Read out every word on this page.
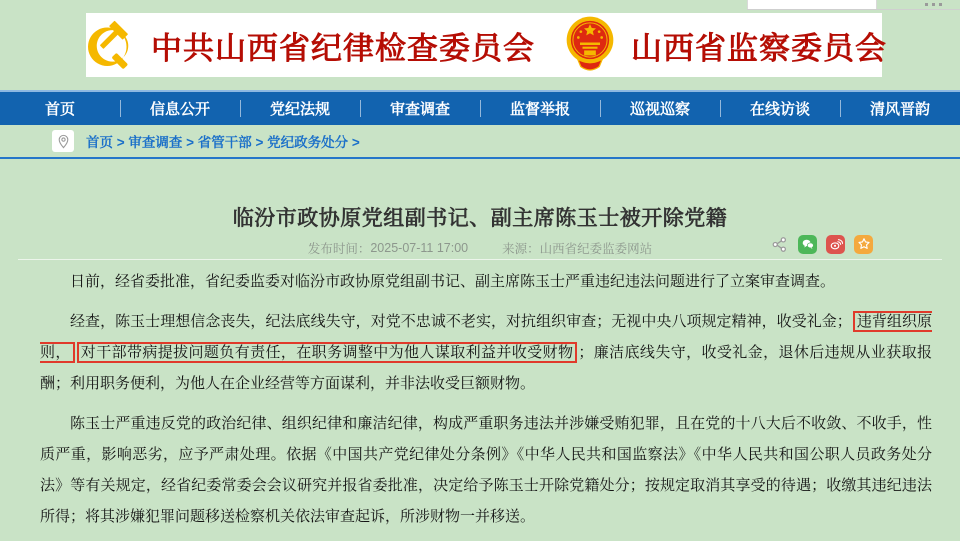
中共山西省纪律检查委员会	山西省监察委员会
首页	信息公开	党纪法规	审查调查	监督举报	巡视巡察	在线访谈	清风晋韵
首页 > 审查调查 > 省管干部 > 党纪政务处分 >
临汾市政协原党组副书记、副主席陈玉士被开除党籍
发布时间： 2025-07-11 17:00	来源： 山西省纪委监委网站

日前，经省委批准，省纪委监委对临汾市政协原党组副书记、副主席陈玉士严重违纪违法问题进行了立案审查调查。

经查，陈玉士理想信念丧失，纪法底线失守，对党不忠诚不老实，对抗组织审查；无视中央八项规定精神，收受礼金； 违背组织原则， 对干部带病提拔问题负有责任，在职务调整中为他人谋取利益并收受财物 ；廉洁底线失守，收受礼金，退休后违规从业获取报酬；利用职务便利，为他人在企业经营等方面谋利，并非法收受巨额财物。

陈玉士严重违反党的政治纪律、组织纪律和廉洁纪律，构成严重职务违法并涉嫌受贿犯罪，且在党的十八大后不收敛、不收手，性质严重，影响恶劣，应予严肃处理。依据《中国共产党纪律处分条例》《中华人民共和国监察法》《中华人民共和国公职人员政务处分法》等有关规定，经省纪委常委会会议研究并报省委批准，决定给予陈玉士开除党籍处分；按规定取消其享受的待遇；收缴其违纪违法所得；将其涉嫌犯罪问题移送检察机关依法审查起诉，所涉财物一并移送。
